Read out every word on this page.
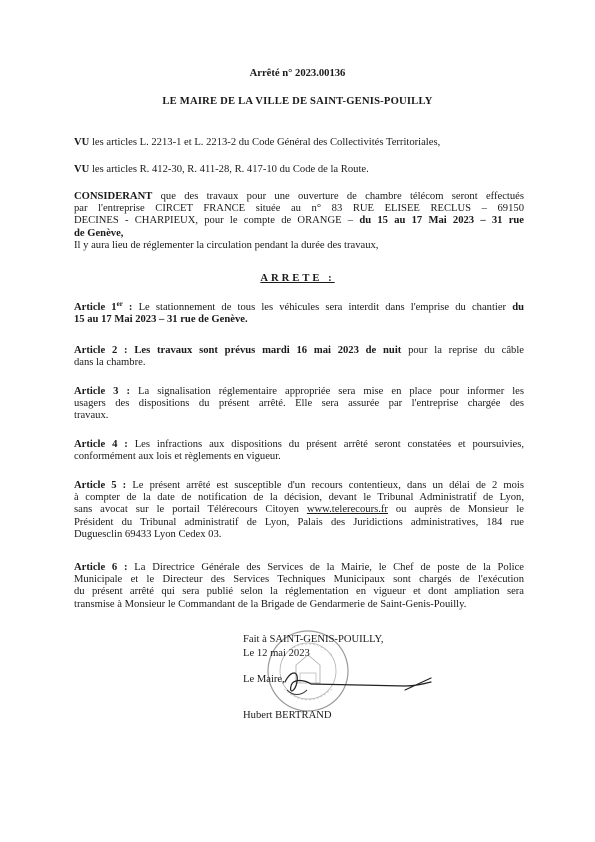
Arrêté n° 2023.00136
LE MAIRE DE LA VILLE DE SAINT-GENIS-POUILLY
VU les articles L. 2213-1 et L. 2213-2 du Code Général des Collectivités Territoriales,
VU les articles R. 412-30, R. 411-28, R. 417-10 du Code de la Route.
CONSIDERANT que des travaux pour une ouverture de chambre télécom seront effectués
par l'entreprise CIRCET FRANCE située au n° 83 RUE ELISEE RECLUS – 69150
DECINES - CHARPIEUX, pour le compte de ORANGE – du 15 au 17 Mai 2023 – 31 rue
de Genève,
Il y aura lieu de réglementer la circulation pendant la durée des travaux,
ARRETE :
Article 1er : Le stationnement de tous les véhicules sera interdit dans l'emprise du chantier du
15 au 17 Mai 2023 – 31 rue de Genève.
Article 2 : Les travaux sont prévus mardi 16 mai 2023 de nuit pour la reprise du câble
dans la chambre.
Article 3 : La signalisation réglementaire appropriée sera mise en place pour informer les
usagers des dispositions du présent arrêté. Elle sera assurée par l'entreprise chargée des
travaux.
Article 4 : Les infractions aux dispositions du présent arrêté seront constatées et poursuivies,
conformément aux lois et règlements en vigueur.
Article 5 : Le présent arrêté est susceptible d'un recours contentieux, dans un délai de 2 mois
à compter de la date de notification de la décision, devant le Tribunal Administratif de Lyon,
sans avocat sur le portail Télérecours Citoyen www.telerecours.fr ou auprès de Monsieur le
Président du Tribunal administratif de Lyon, Palais des Juridictions administratives, 184 rue
Duguesclin 69433 Lyon Cedex 03.
Article 6 : La Directrice Générale des Services de la Mairie, le Chef de poste de la Police
Municipale et le Directeur des Services Techniques Municipaux sont chargés de l'exécution
du présent arrêté qui sera publié selon la réglementation en vigueur et dont ampliation sera
transmise à Monsieur le Commandant de la Brigade de Gendarmerie de Saint-Genis-Pouilly.
Fait à SAINT-GENIS-POUILLY,
Le 12 mai 2023
Le Maire,
Hubert BERTRAND
